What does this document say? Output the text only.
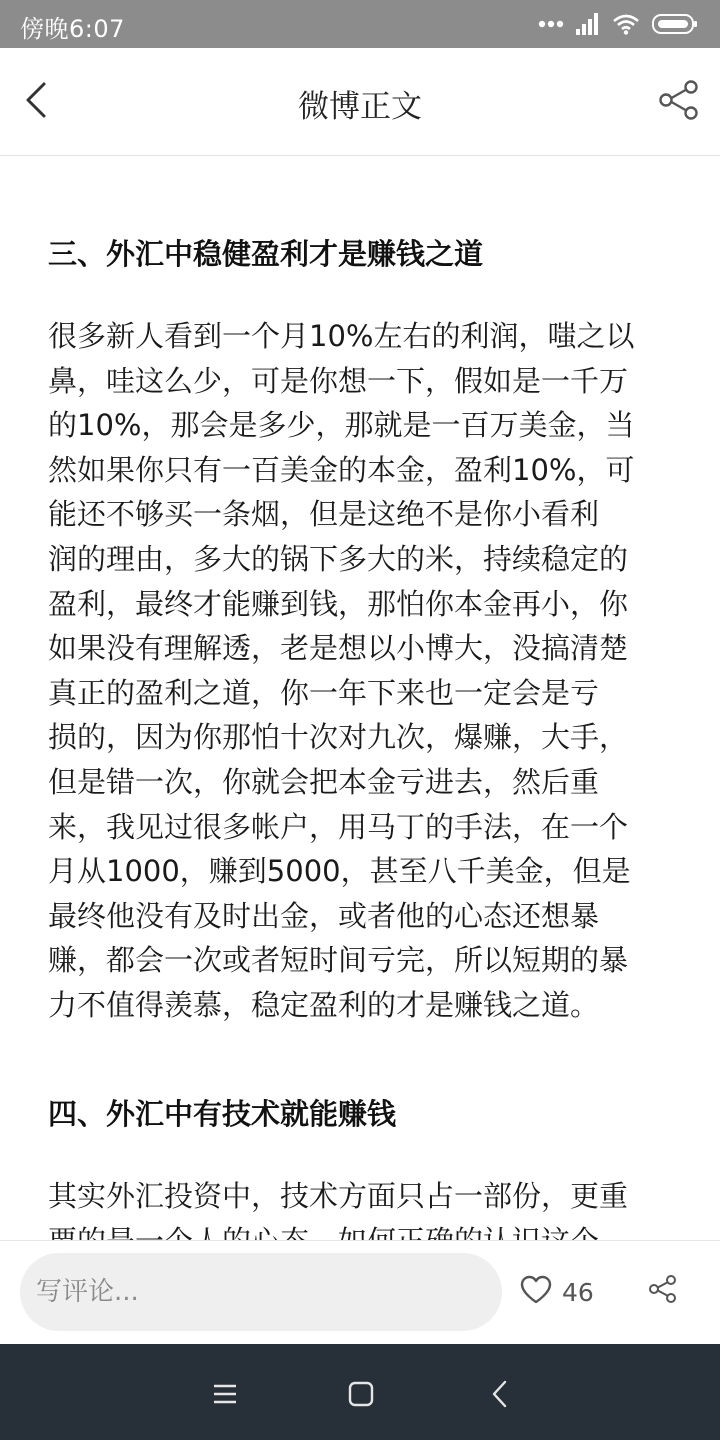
傍晚6:07
微博正文
三、外汇中稳健盈利才是赚钱之道
很多新人看到一个月10%左右的利润，嗤之以
鼻，哇这么少，可是你想一下，假如是一千万
的10%，那会是多少，那就是一百万美金，当
然如果你只有一百美金的本金，盈利10%，可
能还不够买一条烟，但是这绝不是你小看利
润的理由，多大的锅下多大的米，持续稳定的
盈利，最终才能赚到钱，那怕你本金再小，你
如果没有理解透，老是想以小博大，没搞清楚
真正的盈利之道，你一年下来也一定会是亏
损的，因为你那怕十次对九次，爆赚，大手，
但是错一次，你就会把本金亏进去，然后重
来，我见过很多帐户，用马丁的手法，在一个
月从1000，赚到5000，甚至八千美金，但是
最终他没有及时出金，或者他的心态还想暴
赚，都会一次或者短时间亏完，所以短期的暴
力不值得羡慕，稳定盈利的才是赚钱之道。
四、外汇中有技术就能赚钱
其实外汇投资中，技术方面只占一部份，更重
写评论...
46
